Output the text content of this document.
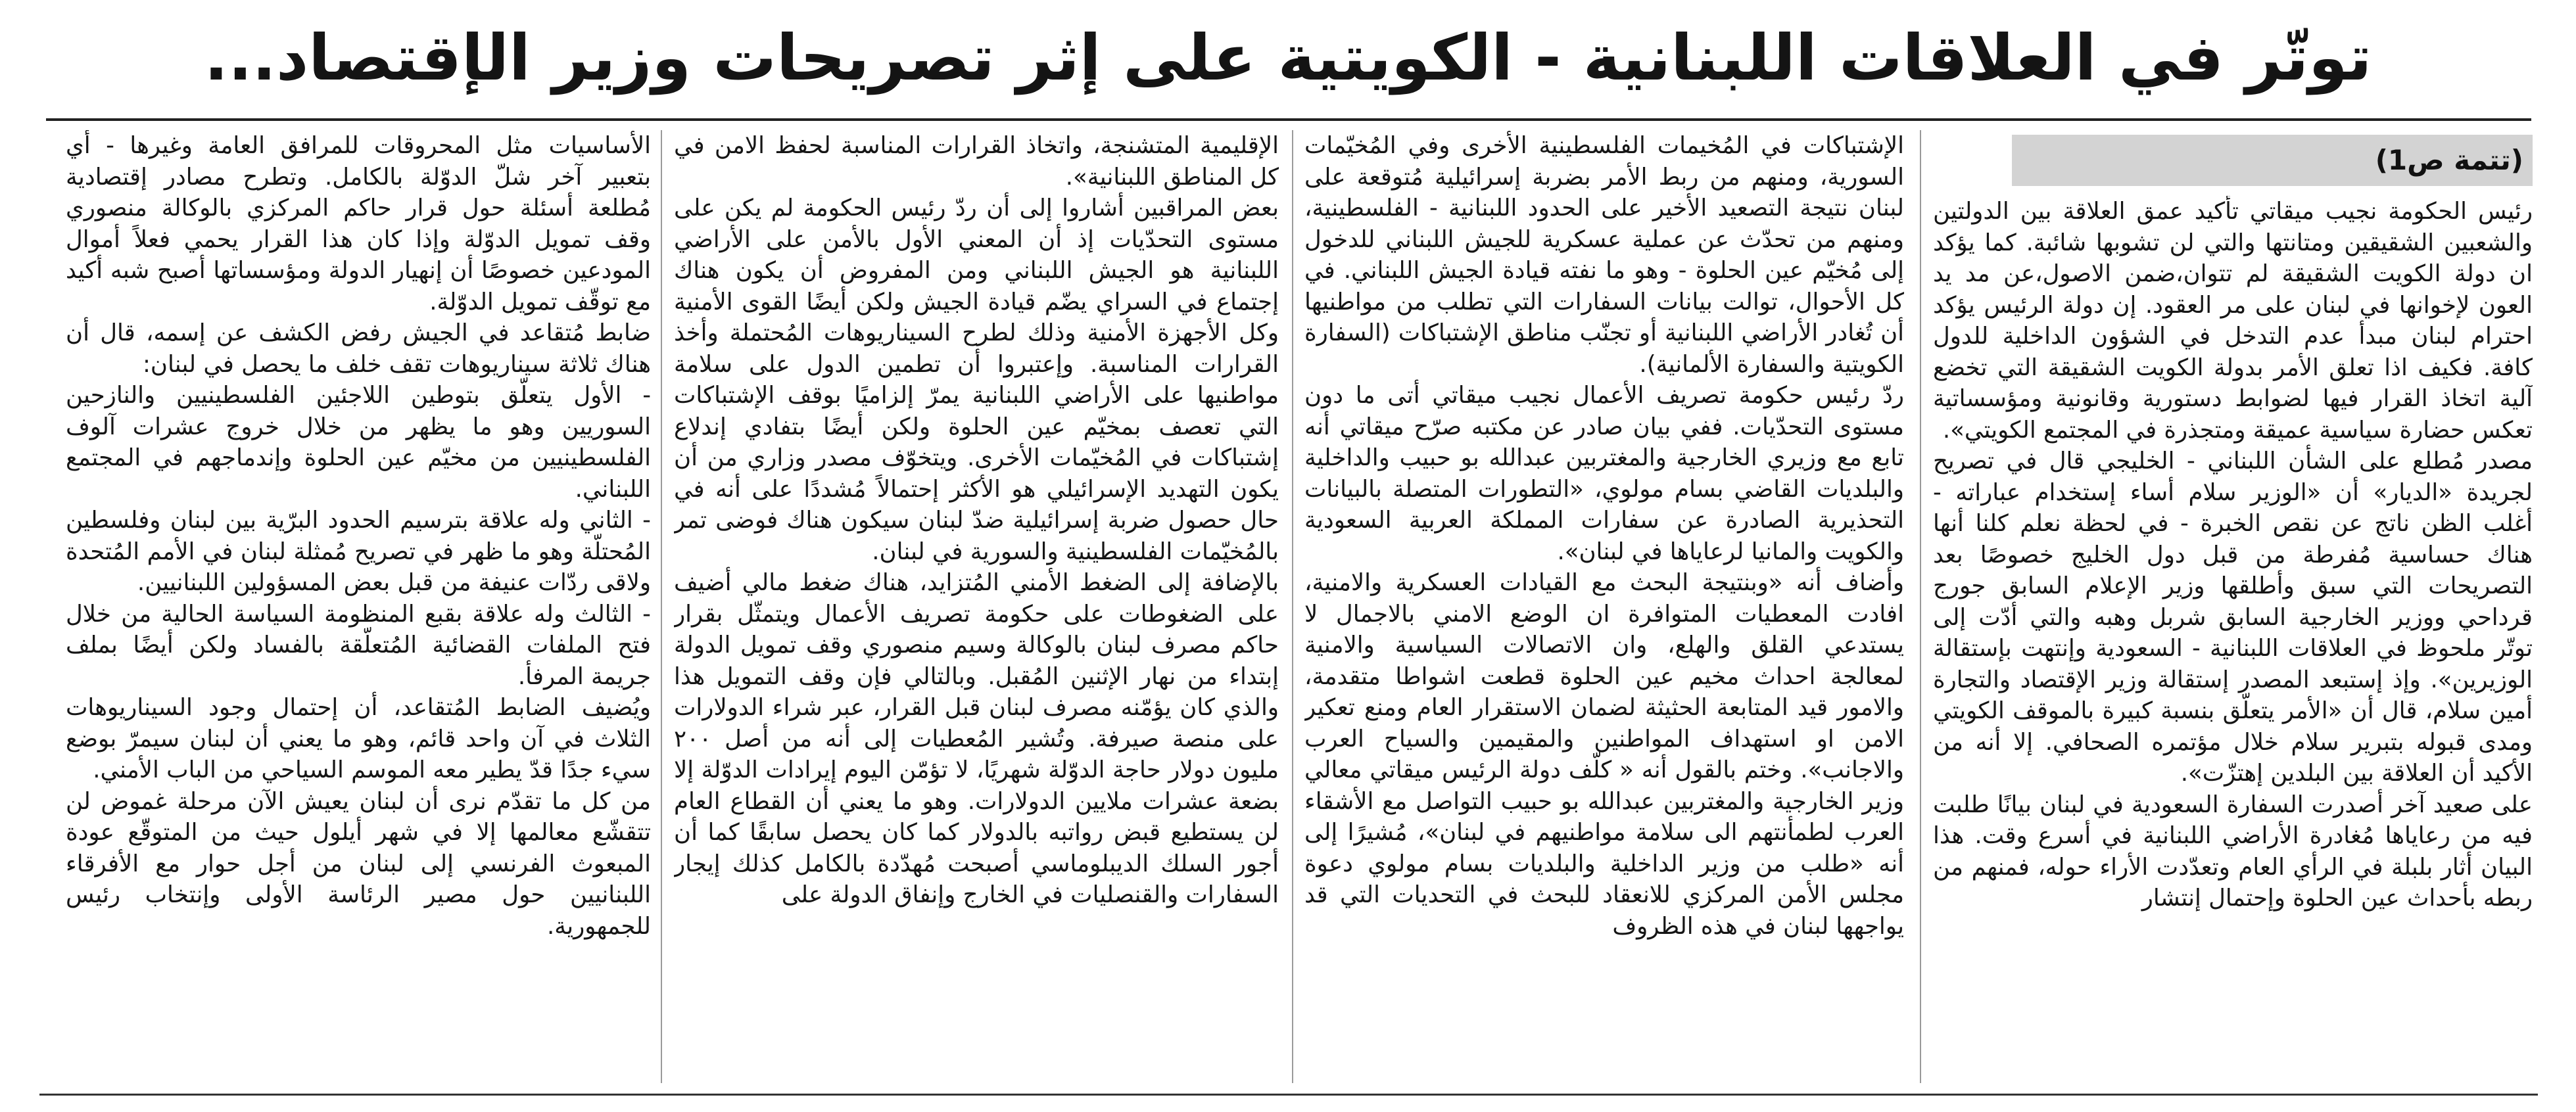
توتّر في العلاقات اللبنانية - الكويتية على إثر تصريحات وزير الإقتصاد...
(تتمة ص1)

رئيس الحكومة نجيب ميقاتي تأكيد عمق العلاقة بين الدولتين والشعبين الشقيقين ومتانتها والتي لن تشوبها شائبة. كما يؤكد ان دولة الكويت الشقيقة لم تتوان،ضمن الاصول،عن مد يد العون لإخوانها في لبنان على مر العقود. إن دولة الرئيس يؤكد احترام لبنان مبدأ عدم التدخل في الشؤون الداخلية للدول كافة. فكيف اذا تعلق الأمر بدولة الكويت الشقيقة التي تخضع آلية اتخاذ القرار فيها لضوابط دستورية وقانونية ومؤسساتية تعكس حضارة سياسية عميقة ومتجذرة في المجتمع الكويتي».

مصدر مُطلع على الشأن اللبناني - الخليجي قال في تصريح لجريدة «الديار» أن «الوزير سلام أساء إستخدام عباراته - أغلب الظن ناتج عن نقص الخبرة - في لحظة نعلم كلنا أنها هناك حساسية مُفرطة من قبل دول الخليج خصوصًا بعد التصريحات التي سبق وأطلقها وزير الإعلام السابق جورج قرداحي ووزير الخارجية السابق شربل وهبه والتي أدّت إلى توتّر ملحوظ في العلاقات اللبنانية - السعودية وإنتهت بإستقالة الوزيرين». وإذ إستبعد المصدر إستقالة وزير الإقتصاد والتجارة أمين سلام، قال أن «الأمر يتعلّق بنسبة كبيرة بالموقف الكويتي ومدى قبوله بتبرير سلام خلال مؤتمره الصحافي. إلا أنه من الأكيد أن العلاقة بين البلدين إهتزّت».

على صعيد آخر أصدرت السفارة السعودية في لبنان بيانًا طلبت فيه من رعاياها مُغادرة الأراضي اللبنانية في أسرع وقت. هذا البيان أثار بلبلة في الرأي العام وتعدّدت الأراء حوله، فمنهم من ربطه بأحداث عين الحلوة وإحتمال إنتشار

الإشتباكات في المُخيمات الفلسطينية الأخرى وفي المُخيّمات السورية، ومنهم من ربط الأمر بضربة إسرائيلية مُتوقعة على لبنان نتيجة التصعيد الأخير على الحدود اللبنانية - الفلسطينية، ومنهم من تحدّث عن عملية عسكرية للجيش اللبناني للدخول إلى مُخيّم عين الحلوة - وهو ما نفته قيادة الجيش اللبناني. في كل الأحوال، توالت بيانات السفارات التي تطلب من مواطنيها أن تُغادر الأراضي اللبنانية أو تجنّب مناطق الإشتباكات (السفارة الكويتية والسفارة الألمانية).

ردّ رئيس حكومة تصريف الأعمال نجيب ميقاتي أتى ما دون مستوى التحدّيات. ففي بيان صادر عن مكتبه صرّح ميقاتي أنه تابع مع وزيري الخارجية والمغتربين عبدالله بو حبيب والداخلية والبلديات القاضي بسام مولوي، «التطورات المتصلة بالبيانات التحذيرية الصادرة عن سفارات المملكة العربية السعودية والكويت والمانيا لرعاياها في لبنان».

وأضاف أنه «وبنتيجة البحث مع القيادات العسكرية والامنية، افادت المعطيات المتوافرة ان الوضع الامني بالاجمال لا يستدعي القلق والهلع، وان الاتصالات السياسية والامنية لمعالجة احداث مخيم عين الحلوة قطعت اشواطا متقدمة، والامور قيد المتابعة الحثيثة لضمان الاستقرار العام ومنع تعكير الامن او استهداف المواطنين والمقيمين والسياح العرب والاجانب». وختم بالقول أنه « كلّف دولة الرئيس ميقاتي معالي وزير الخارجية والمغتربين عبدالله بو حبيب التواصل مع الأشقاء العرب لطمأنتهم الى سلامة مواطنيهم في لبنان»، مُشيرًا إلى أنه «طلب من وزير الداخلية والبلديات بسام مولوي دعوة مجلس الأمن المركزي للانعقاد للبحث في التحديات التي قد يواجهها لبنان في هذه الظروف

الإقليمية المتشنجة، واتخاذ القرارات المناسبة لحفظ الامن في كل المناطق اللبنانية».

بعض المراقبين أشاروا إلى أن ردّ رئيس الحكومة لم يكن على مستوى التحدّيات إذ أن المعني الأول بالأمن على الأراضي اللبنانية هو الجيش اللبناني ومن المفروض أن يكون هناك إجتماع في السراي يضّم قيادة الجيش ولكن أيضًا القوى الأمنية وكل الأجهزة الأمنية وذلك لطرح السيناريوهات المُحتملة وأخذ القرارات المناسبة. وإعتبروا أن تطمين الدول على سلامة مواطنيها على الأراضي اللبنانية يمرّ إلزاميًا بوقف الإشتباكات التي تعصف بمخيّم عين الحلوة ولكن أيضًا بتفادي إندلاع إشتباكات في المُخيّمات الأخرى. ويتخوّف مصدر وزاري من أن يكون التهديد الإسرائيلي هو الأكثر إحتمالاً مُشددًا على أنه في حال حصول ضربة إسرائيلية ضدّ لبنان سيكون هناك فوضى تمر بالمُخيّمات الفلسطينية والسورية في لبنان.

بالإضافة إلى الضغط الأمني المُتزايد، هناك ضغط مالي أضيف على الضغوطات على حكومة تصريف الأعمال ويتمثّل بقرار حاكم مصرف لبنان بالوكالة وسيم منصوري وقف تمويل الدولة إبتداء من نهار الإثنين المُقبل. وبالتالي فإن وقف التمويل هذا والذي كان يؤمّنه مصرف لبنان قبل القرار، عبر شراء الدولارات على منصة صيرفة. وتُشير المُعطيات إلى أنه من أصل ٢٠٠ مليون دولار حاجة الدوّلة شهريًا، لا تؤمّن اليوم إيرادات الدوّلة إلا بضعة عشرات ملايين الدولارات. وهو ما يعني أن القطاع العام لن يستطيع قبض رواتبه بالدولار كما كان يحصل سابقًا كما أن أجور السلك الديبلوماسي أصبحت مُهدّدة بالكامل كذلك إيجار السفارات والقنصليات في الخارج وإنفاق الدولة على

الأساسيات مثل المحروقات للمرافق العامة وغيرها - أي بتعبير آخر شلّ الدوّلة بالكامل. وتطرح مصادر إقتصادية مُطلعة أسئلة حول قرار حاكم المركزي بالوكالة منصوري وقف تمويل الدوّلة وإذا كان هذا القرار يحمي فعلاً أموال المودعين خصوصًا أن إنهيار الدولة ومؤسساتها أصبح شبه أكيد مع توقّف تمويل الدوّلة.

ضابط مُتقاعد في الجيش رفض الكشف عن إسمه، قال أن هناك ثلاثة سيناريوهات تقف خلف ما يحصل في لبنان:

- الأول يتعلّق بتوطين اللاجئين الفلسطينيين والنازحين السوريين وهو ما يظهر من خلال خروج عشرات آلوف الفلسطينيين من مخيّم عين الحلوة وإندماجهم في المجتمع اللبناني.

- الثاني وله علاقة بترسيم الحدود البرّية بين لبنان وفلسطين المُحتلّة وهو ما ظهر في تصريح مُمثلة لبنان في الأمم المُتحدة ولاقى ردّات عنيفة من قبل بعض المسؤولين اللبنانيين.

- الثالث وله علاقة بقبع المنظومة السياسة الحالية من خلال فتح الملفات القضائية المُتعلّقة بالفساد ولكن أيضًا بملف جريمة المرفأ.

ويُضيف الضابط المُتقاعد، أن إحتمال وجود السيناريوهات الثلاث في آن واحد قائم، وهو ما يعني أن لبنان سيمرّ بوضع سيء جدًا قدّ يطير معه الموسم السياحي من الباب الأمني.

من كل ما تقدّم نرى أن لبنان يعيش الآن مرحلة غموض لن تتقشّع معالمها إلا في شهر أيلول حيث من المتوقّع عودة المبعوث الفرنسي إلى لبنان من أجل حوار مع الأفرقاء اللبنانيين حول مصير الرئاسة الأولى وإنتخاب رئيس للجمهورية.
